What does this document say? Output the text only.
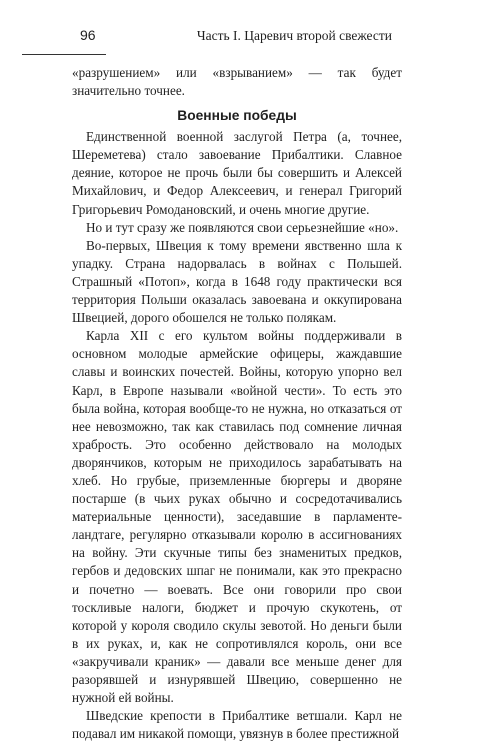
96	Часть I. Царевич второй свежести

«разрушением» или «взрыванием» — так будет значительно точнее.

Военные победы

Единственной военной заслугой Петра (а, точнее, Шереметева) стало завоевание Прибалтики. Славное деяние, которое не прочь были бы совершить и Алексей Михайлович, и Федор Алексеевич, и генерал Григорий Григорьевич Ромодановский, и очень многие другие.

Но и тут сразу же появляются свои серьезнейшие «но».

Во-первых, Швеция к тому времени явственно шла к упадку. Страна надорвалась в войнах с Польшей. Страшный «Потоп», когда в 1648 году практически вся территория Польши оказалась завоевана и оккупирована Швецией, дорого обошелся не только полякам.

Карла XII с его культом войны поддерживали в основном молодые армейские офицеры, жаждавшие славы и воинских почестей. Войны, которую упорно вел Карл, в Европе называли «войной чести». То есть это была война, которая вообще-то не нужна, но отказаться от нее невозможно, так как ставилась под сомнение личная храбрость. Это особенно действовало на молодых дворянчиков, которым не приходилось зарабатывать на хлеб. Но грубые, приземленные бюргеры и дворяне постарше (в чьих руках обычно и сосредотачивались материальные ценности), заседавшие в парламенте-ландтаге, регулярно отказывали королю в ассигнованиях на войну. Эти скучные типы без знаменитых предков, гербов и дедовских шпаг не понимали, как это прекрасно и почетно — воевать. Все они говорили про свои тоскливые налоги, бюджет и прочую скукотень, от которой у короля сводило скулы зевотой. Но деньги были в их руках, и, как не сопротивлялся король, они все «закручивали краник» — давали все меньше денег для разорявшей и изнурявшей Швецию, совершенно не нужной ей войны.

Шведские крепости в Прибалтике ветшали. Карл не подавал им никакой помощи, увязнув в более престижной
